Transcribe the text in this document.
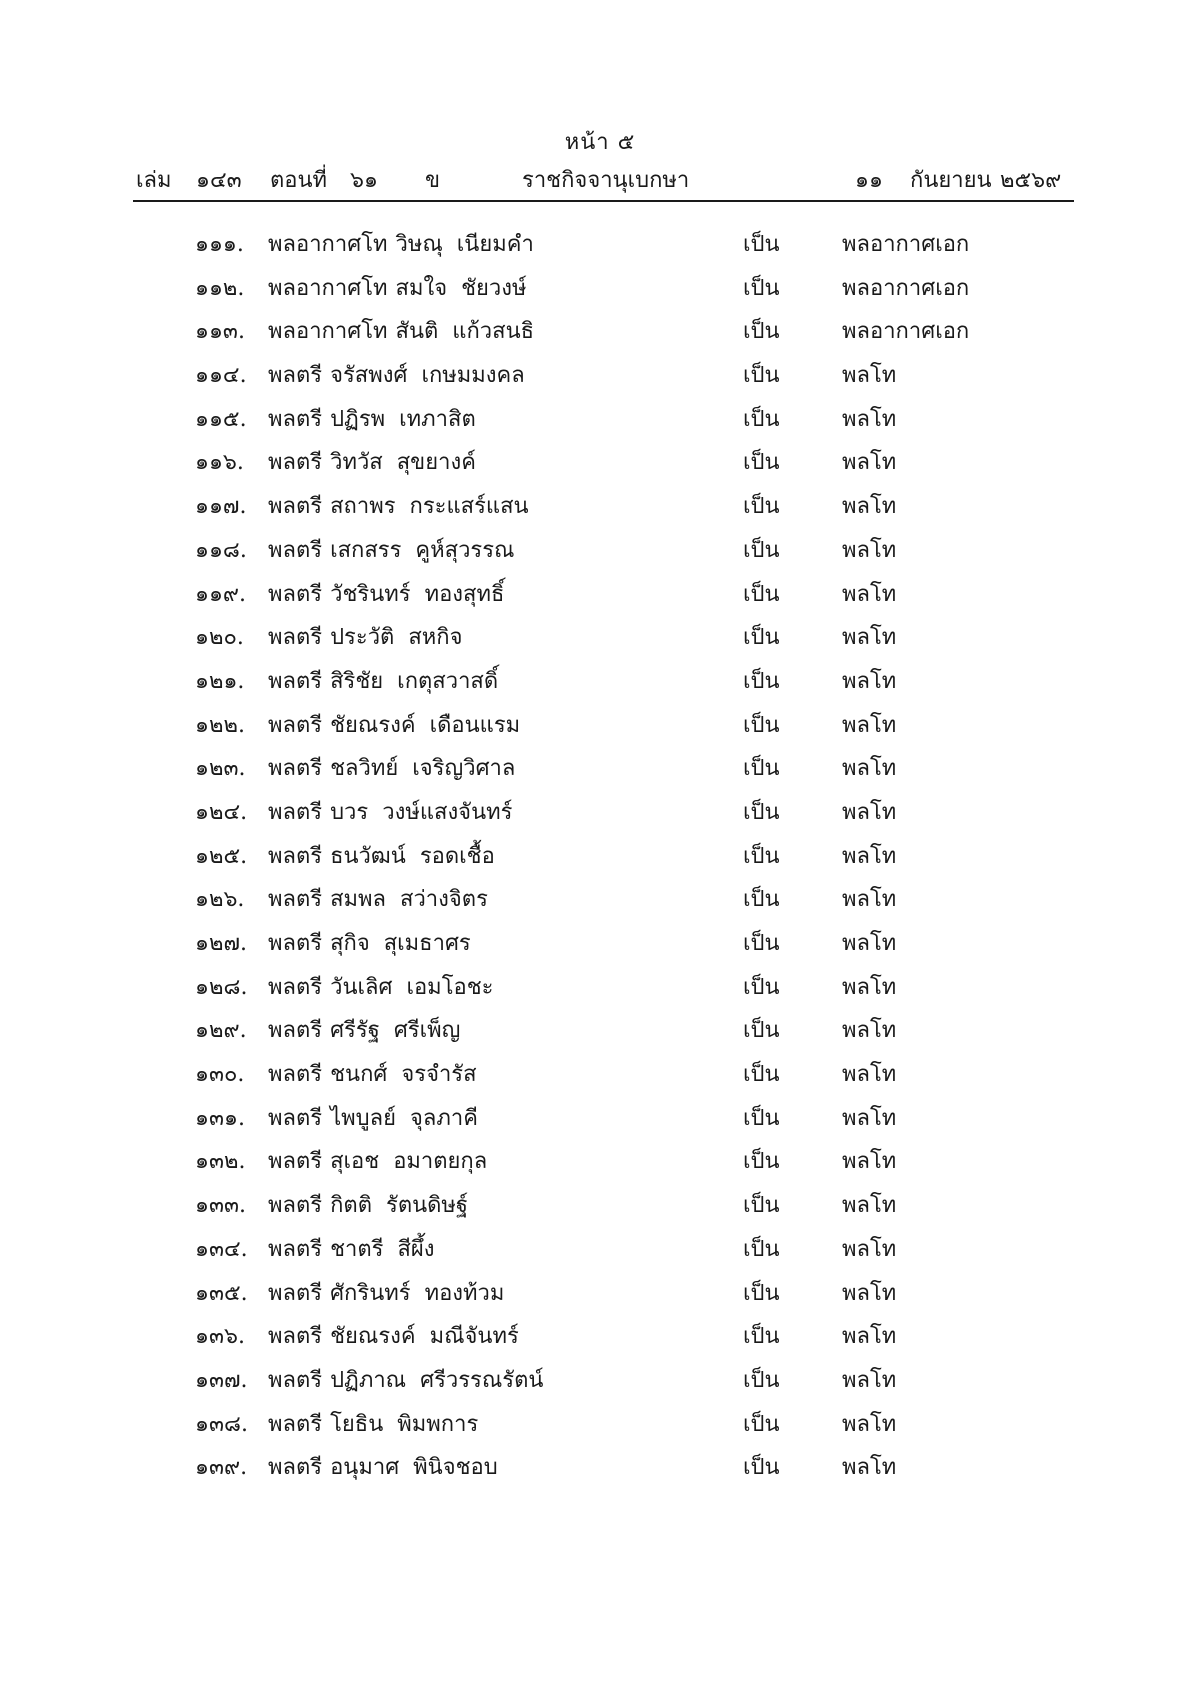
หน้า ๕
เล่ม ๑๔๓ ตอนที่ ๖๑ ข	ราชกิจจานุเบกษา	๑๑ กันยายน ๒๕๖๙
๑๑๑.	พลอากาศโท วิษณุ เนียมคำ	เป็น	พลอากาศเอก
๑๑๒.	พลอากาศโท สมใจ ชัยวงษ์	เป็น	พลอากาศเอก
๑๑๓.	พลอากาศโท สันติ แก้วสนธิ	เป็น	พลอากาศเอก
๑๑๔. พลตรี จรัสพงศ์ เกษมมงคล	เป็น	พลโท
๑๑๕. พลตรี ปฏิรพ เทภาสิต	เป็น	พลโท
๑๑๖.	พลตรี วิทวัส สุขยางค์	เป็น	พลโท
๑๑๗. พลตรี สถาพร กระแสร์แสน	เป็น	พลโท
๑๑๘. พลตรี เสกสรร คูห์สุวรรณ	เป็น	พลโท
๑๑๙. พลตรี วัชรินทร์ ทองสุทธิ์	เป็น	พลโท
๑๒๐.	พลตรี ประวัติ สหกิจ	เป็น	พลโท
๑๒๑.	พลตรี สิริชัย เกตุสวาสดิ์	เป็น	พลโท
๑๒๒.	พลตรี ชัยณรงค์ เดือนแรม	เป็น	พลโท
๑๒๓.	พลตรี ชลวิทย์ เจริญวิศาล	เป็น	พลโท
๑๒๔. พลตรี บวร วงษ์แสงจันทร์	เป็น	พลโท
๑๒๕. พลตรี ธนวัฒน์ รอดเชื้อ	เป็น	พลโท
๑๒๖.	พลตรี สมพล สว่างจิตร	เป็น	พลโท
๑๒๗. พลตรี สุกิจ สุเมธาศร	เป็น	พลโท
๑๒๘. พลตรี วันเลิศ เอมโอชะ	เป็น	พลโท
๑๒๙. พลตรี ศรีรัฐ ศรีเพ็ญ	เป็น	พลโท
๑๓๐.	พลตรี ชนกศ์ จรจำรัส	เป็น	พลโท
๑๓๑.	พลตรี ไพบูลย์ จุลภาคี	เป็น	พลโท
๑๓๒.	พลตรี สุเอช อมาตยกุล	เป็น	พลโท
๑๓๓. พลตรี กิตติ รัตนดิษฐ์	เป็น	พลโท
๑๓๔. พลตรี ชาตรี สีผึ้ง	เป็น	พลโท
๑๓๕. พลตรี ศักรินทร์ ทองท้วม	เป็น	พลโท
๑๓๖.	พลตรี ชัยณรงค์ มณีจันทร์	เป็น	พลโท
๑๓๗. พลตรี ปฏิภาณ ศรีวรรณรัตน์	เป็น	พลโท
๑๓๘. พลตรี โยธิน พิมพการ	เป็น	พลโท
๑๓๙. พลตรี อนุมาศ พินิจชอบ	เป็น	พลโท
